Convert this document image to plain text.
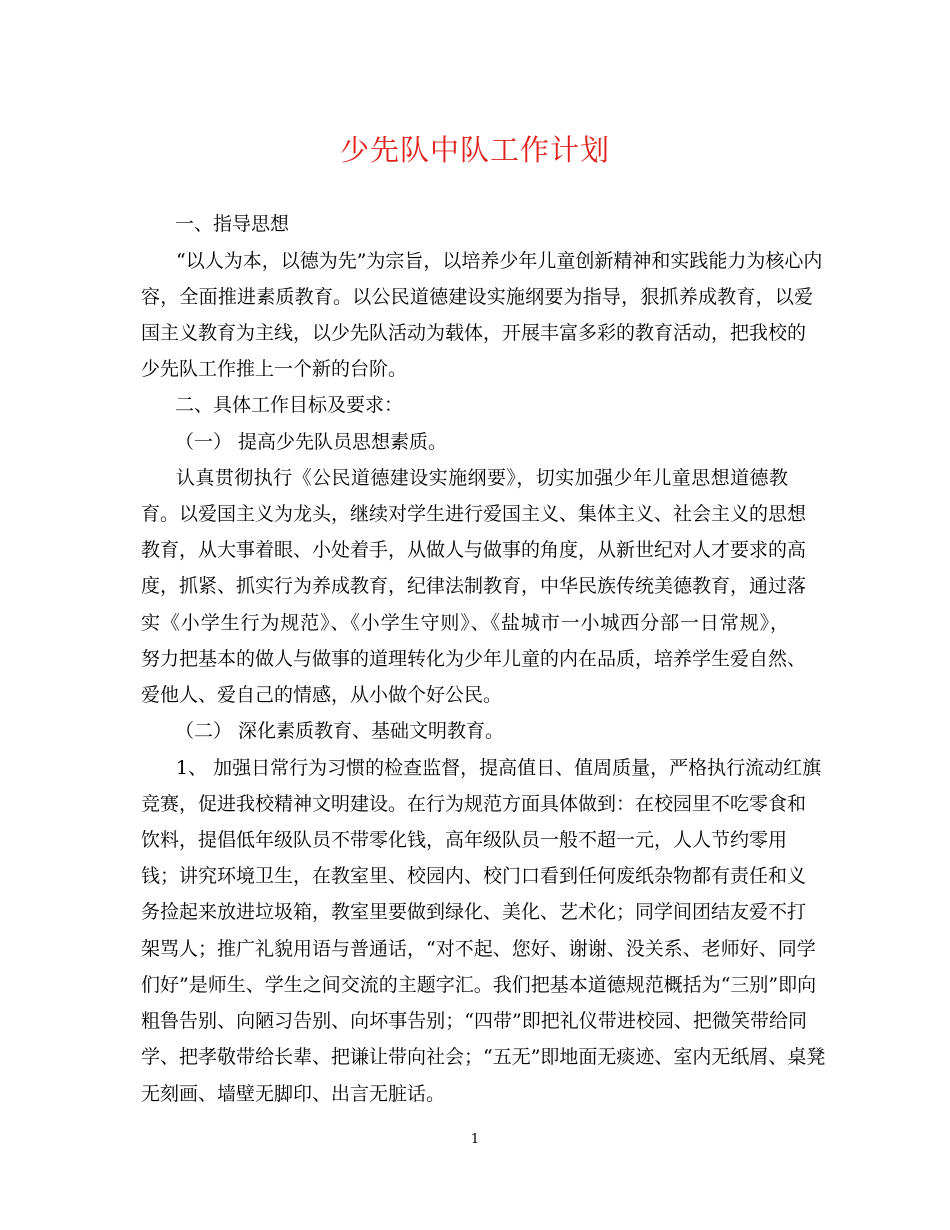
少先队中队工作计划
一、指导思想
“以人为本，以德为先”为宗旨，以培养少年儿童创新精神和实践能力为核心内
容，全面推进素质教育。以公民道德建设实施纲要为指导，狠抓养成教育，以爱
国主义教育为主线，以少先队活动为载体，开展丰富多彩的教育活动，把我校的
少先队工作推上一个新的台阶。
二、具体工作目标及要求：
（一） 提高少先队员思想素质。
认真贯彻执行《公民道德建设实施纲要》，切实加强少年儿童思想道德教
育。以爱国主义为龙头，继续对学生进行爱国主义、集体主义、社会主义的思想
教育，从大事着眼、小处着手，从做人与做事的角度，从新世纪对人才要求的高
度，抓紧、抓实行为养成教育，纪律法制教育，中华民族传统美德教育，通过落
实《小学生行为规范》、《小学生守则》、《盐城市一小城西分部一日常规》，
努力把基本的做人与做事的道理转化为少年儿童的内在品质，培养学生爱自然、
爱他人、爱自己的情感，从小做个好公民。
（二） 深化素质教育、基础文明教育。
1、 加强日常行为习惯的检查监督，提高值日、值周质量，严格执行流动红旗
竞赛，促进我校精神文明建设。在行为规范方面具体做到：在校园里不吃零食和
饮料，提倡低年级队员不带零化钱，高年级队员一般不超一元，人人节约零用
钱；讲究环境卫生，在教室里、校园内、校门口看到任何废纸杂物都有责任和义
务捡起来放进垃圾箱，教室里要做到绿化、美化、艺术化；同学间团结友爱不打
架骂人；推广礼貌用语与普通话，“对不起、您好、谢谢、没关系、老师好、同学
们好”是师生、学生之间交流的主题字汇。我们把基本道德规范概括为“三别”即向
粗鲁告别、向陋习告别、向坏事告别；“四带”即把礼仪带进校园、把微笑带给同
学、把孝敬带给长辈、把谦让带向社会；“五无”即地面无痰迹、室内无纸屑、桌凳
无刻画、墙壁无脚印、出言无脏话。
1
